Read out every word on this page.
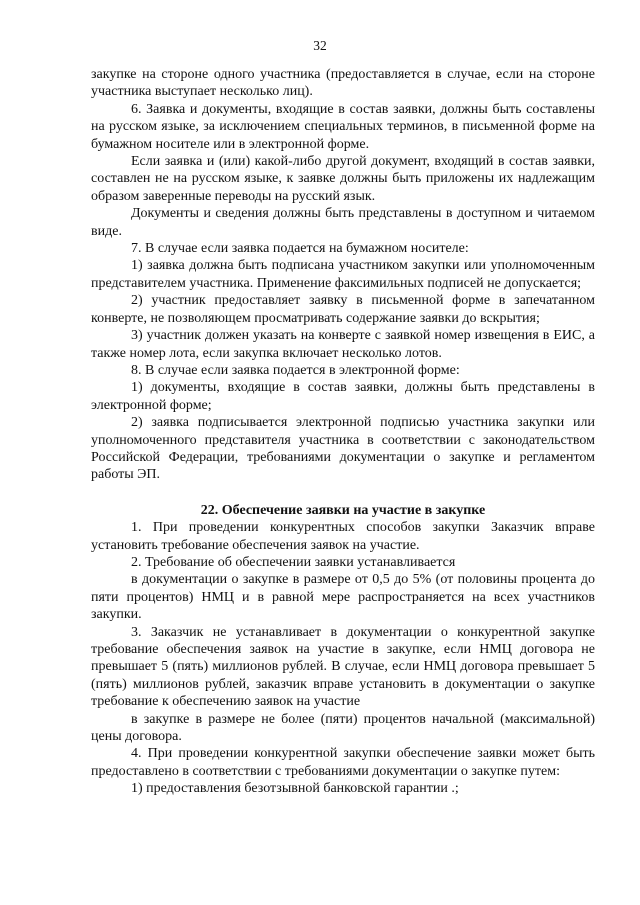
32

закупке на стороне одного участника (предоставляется в случае, если на стороне участника выступает несколько лиц).

6. Заявка и документы, входящие в состав заявки, должны быть составлены на русском языке, за исключением специальных терминов, в письменной форме на бумажном носителе или в электронной форме.

Если заявка и (или) какой-либо другой документ, входящий в состав заявки, составлен не на русском языке, к заявке должны быть приложены их надлежащим образом заверенные переводы на русский язык.

Документы и сведения должны быть представлены в доступном и читаемом виде.

7. В случае если заявка подается на бумажном носителе:

1) заявка должна быть подписана участником закупки или уполномоченным представителем участника. Применение факсимильных подписей не допускается;

2) участник предоставляет заявку в письменной форме в запечатанном конверте, не позволяющем просматривать содержание заявки до вскрытия;

3) участник должен указать на конверте с заявкой номер извещения в ЕИС, а также номер лота, если закупка включает несколько лотов.

8. В случае если заявка подается в электронной форме:

1) документы, входящие в состав заявки, должны быть представлены в электронной форме;

2) заявка подписывается электронной подписью участника закупки или уполномоченного представителя участника в соответствии с законодательством Российской Федерации, требованиями документации о закупке и регламентом работы ЭП.

22. Обеспечение заявки на участие в закупке

1. При проведении конкурентных способов закупки Заказчик вправе установить требование обеспечения заявок на участие.

2. Требование об обеспечении заявки устанавливается

в документации о закупке в размере от 0,5 до 5% (от половины процента до пяти процентов) НМЦ и в равной мере распространяется на всех участников закупки.

3. Заказчик не устанавливает в документации о конкурентной закупке требование обеспечения заявок на участие в закупке, если НМЦ договора не превышает 5 (пять) миллионов рублей. В случае, если НМЦ договора превышает 5 (пять) миллионов рублей, заказчик вправе установить в документации о закупке требование к обеспечению заявок на участие

в закупке в размере не более (пяти) процентов начальной (максимальной) цены договора.

4. При проведении конкурентной закупки обеспечение заявки может быть предоставлено в соответствии с требованиями документации о закупке путем:

1) предоставления безотзывной банковской гарантии .;
